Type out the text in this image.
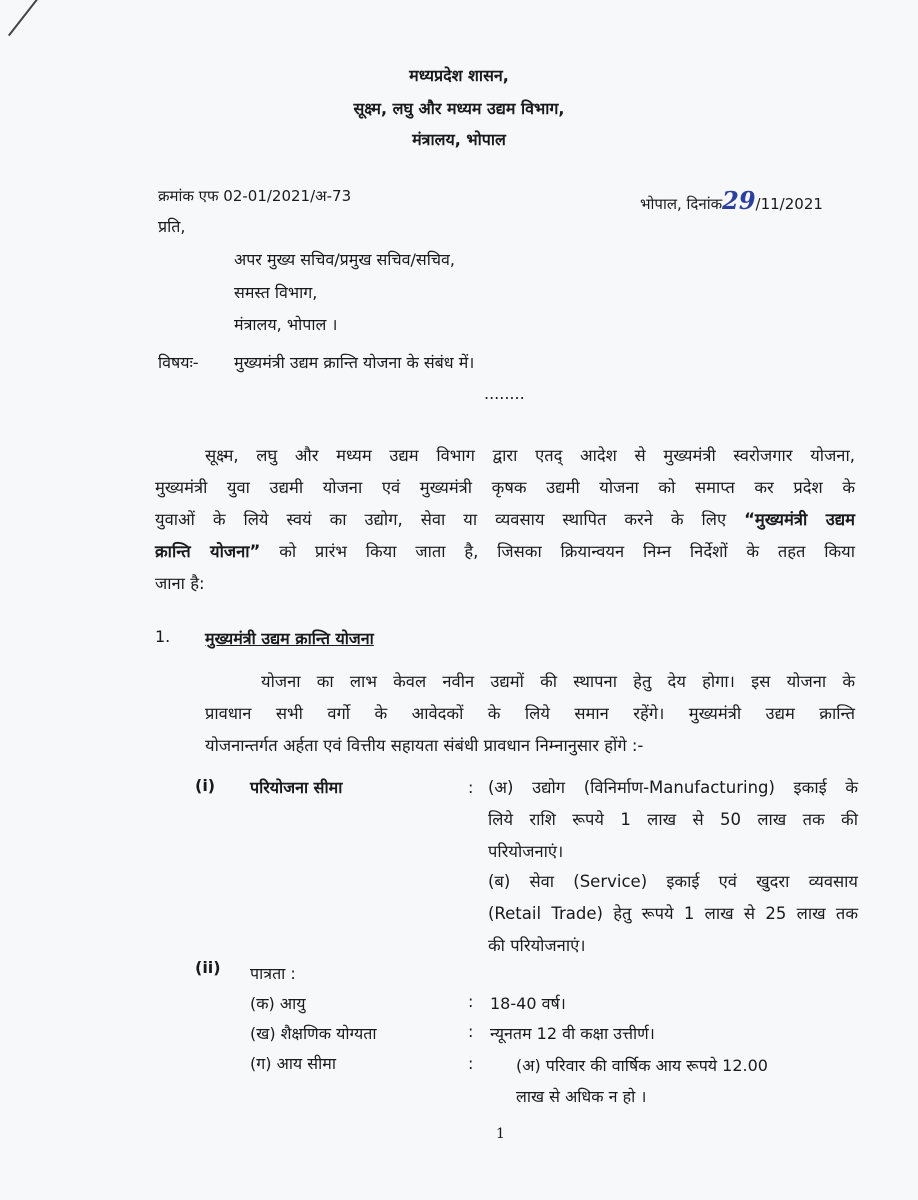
मध्यप्रदेश शासन,
सूक्ष्म, लघु और मध्यम उद्यम विभाग,
मंत्रालय, भोपाल
क्रमांक एफ 02-01/2021/अ-73	भोपाल, दिनांक29/11/2021
प्रति,
अपर मुख्य सचिव/प्रमुख सचिव/सचिव,
समस्त विभाग,
मंत्रालय, भोपाल ।
विषयः- मुख्यमंत्री उद्यम क्रान्ति योजना के संबंध में।
........
सूक्ष्म, लघु और मध्यम उद्यम विभाग द्वारा एतद् आदेश से मुख्यमंत्री स्वरोजगार योजना,
मुख्यमंत्री युवा उद्यमी योजना एवं मुख्यमंत्री कृषक उद्यमी योजना को समाप्त कर प्रदेश के
युवाओं के लिये स्वयं का उद्योग, सेवा या व्यवसाय स्थापित करने के लिए “मुख्यमंत्री उद्यम
क्रान्ति योजना” को प्रारंभ किया जाता है, जिसका क्रियान्वयन निम्न निर्देशों के तहत किया
जाना है:
1. मुख्यमंत्री उद्यम क्रान्ति योजना
योजना का लाभ केवल नवीन उद्यमों की स्थापना हेतु देय होगा। इस योजना के
प्रावधान सभी वर्गो के आवेदकों के लिये समान रहेंगे। मुख्यमंत्री उद्यम क्रान्ति
योजनान्तर्गत अर्हता एवं वित्तीय सहायता संबंधी प्रावधान निम्नानुसार होंगे :-
(i) परियोजना सीमा	: (अ) उद्योग (विनिर्माण-Manufacturing) इकाई के
लिये राशि रूपये 1 लाख से 50 लाख तक की
परियोजनाएं।
(ब) सेवा (Service) इकाई एवं खुदरा व्यवसाय
(Retail Trade) हेतु रूपये 1 लाख से 25 लाख तक
की परियोजनाएं।
(ii) पात्रता :
(क) आयु	: 18-40 वर्ष।
(ख) शैक्षणिक योग्यता	: न्यूनतम 12 वी कक्षा उत्तीर्ण।
(ग) आय सीमा	:	(अ) परिवार की वार्षिक आय रूपये 12.00
लाख से अधिक न हो ।
1
